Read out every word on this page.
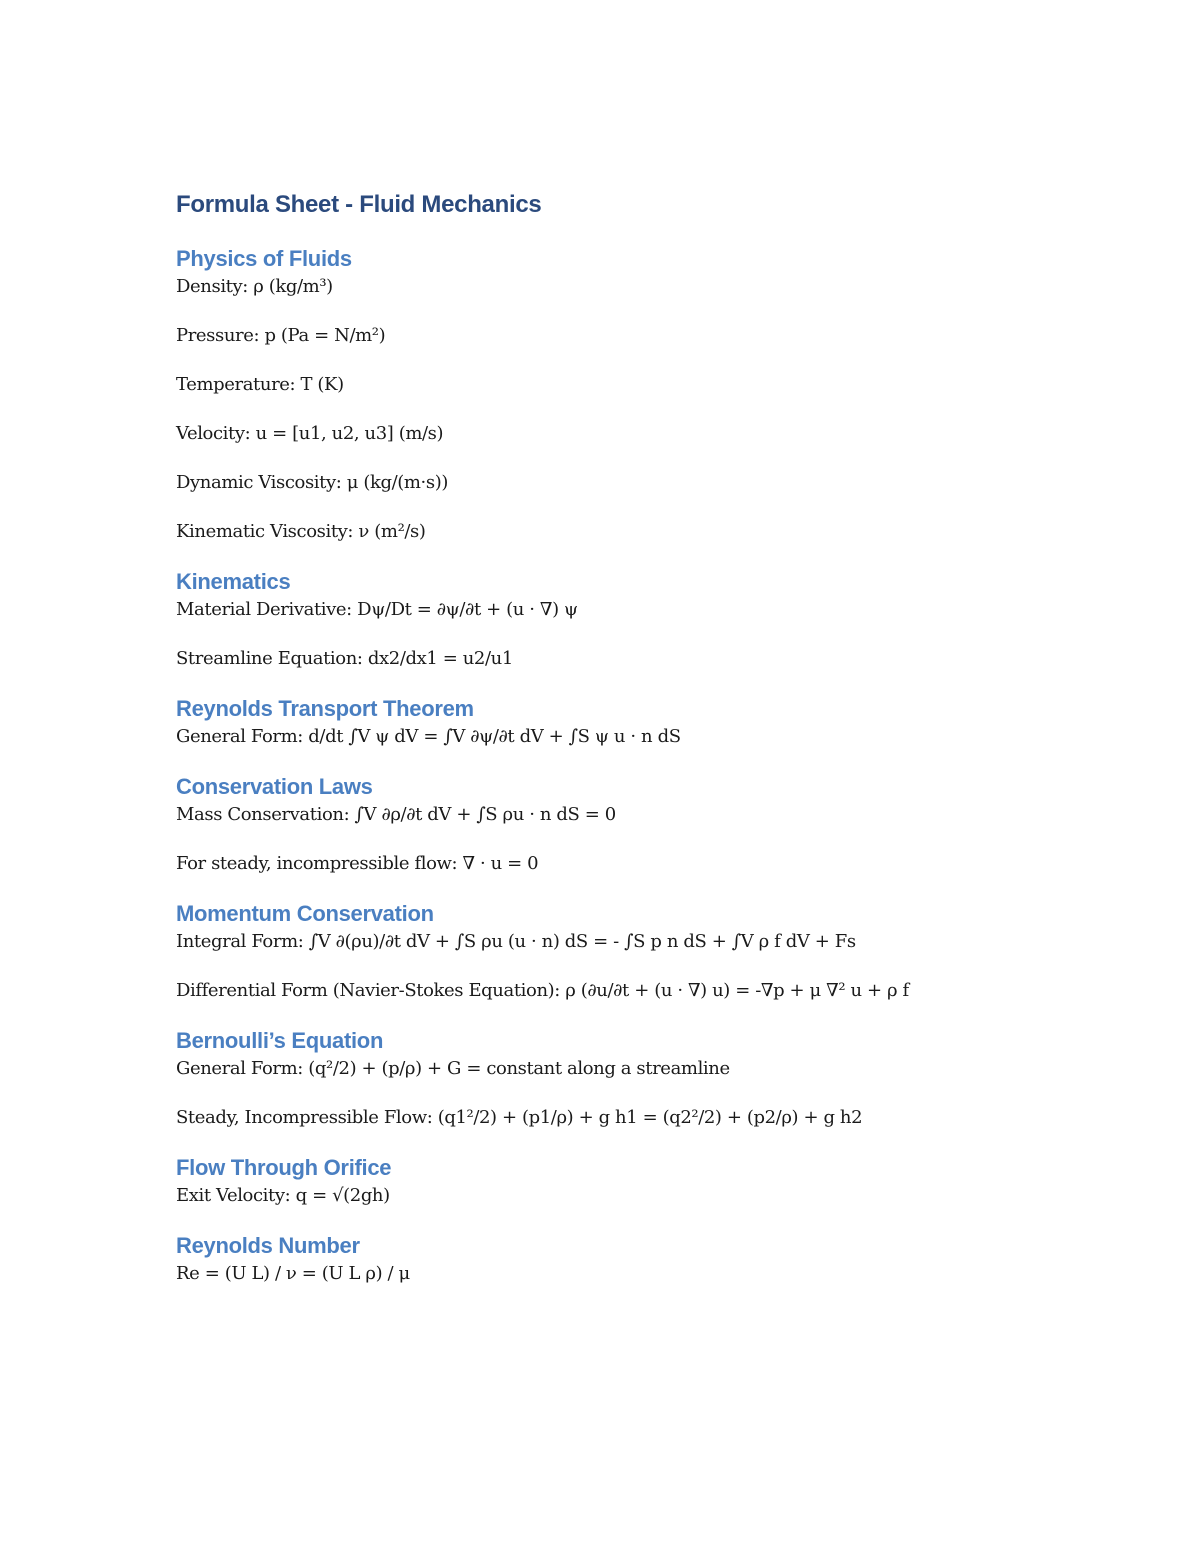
Formula Sheet - Fluid Mechanics
Physics of Fluids

Density: ρ (kg/m³)

Pressure: p (Pa = N/m²)

Temperature: T (K)

Velocity: u = [u1, u2, u3] (m/s)

Dynamic Viscosity: μ (kg/(m·s))

Kinematic Viscosity: ν (m²/s)

Kinematics

Material Derivative: Dψ/Dt = ∂ψ/∂t + (u · ∇) ψ

Streamline Equation: dx2/dx1 = u2/u1

Reynolds Transport Theorem

General Form: d/dt ∫V ψ dV = ∫V ∂ψ/∂t dV + ∫S ψ u · n dS

Conservation Laws

Mass Conservation: ∫V ∂ρ/∂t dV + ∫S ρu · n dS = 0

For steady, incompressible flow: ∇ · u = 0

Momentum Conservation

Integral Form: ∫V ∂(ρu)/∂t dV + ∫S ρu (u · n) dS = - ∫S p n dS + ∫V ρ f dV + Fs

Differential Form (Navier-Stokes Equation): ρ (∂u/∂t + (u · ∇) u) = -∇p + μ ∇² u + ρ f

Bernoulli’s Equation

General Form: (q²/2) + (p/ρ) + G = constant along a streamline

Steady, Incompressible Flow: (q1²/2) + (p1/ρ) + g h1 = (q2²/2) + (p2/ρ) + g h2

Flow Through Orifice

Exit Velocity: q = √(2gh)

Reynolds Number

Re = (U L) / ν = (U L ρ) / μ
